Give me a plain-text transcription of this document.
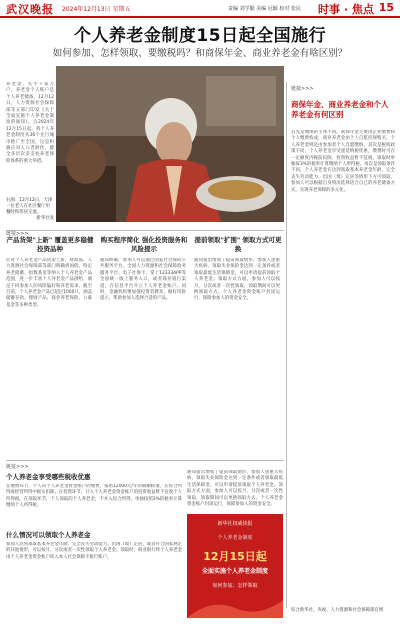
武汉晚报 2024年12月13日 星期五	责编 刘学勤 美编 冠颖 校对 张民 时事 · 焦点 15
个人养老金制度15日起全国施行
如何参加、怎样领取、要缴税吗？和商保年金、商业养老金有啥区别？
养老金，关乎千家万户，养老金个人账户是个人养老储备。12月12日，人力资源社会保障部等五部门印发《关于全面实施个人养老金制度的通知》，自2024年12月15日起，将个人养老金制度从36个先行城市推广至全国，这是积极应对人口老龄化，健全多层次多支柱养老保险体系的重大举措。
右图：12月12日，天津一位老人在社区餐厅用餐时和邻居交流。
新华社发
链接>>>
商保年金、商业养老金和个人养老金有何区别
首先是缴纳的主体不同。商保年金主要由企业缴费和个人缴费构成，商业养老金由个人自愿投保购买，个人养老金则是由参加者个人自愿缴纳。其次是税收政策不同，个人养老金享受递延纳税优惠，缴费时可在一定额度内税前扣除，投资收益暂不征税，领取时单独按3%的税率计算缴纳个人所得税。再次是领取条件不同，个人养老金在达到领取基本养老金年龄、完全丧失劳动能力、出国（境）定居等情形下方可领取。参加人可以根据自身情况选择适合自己的养老储备方式，实现养老保障的多元化。
链接>>>
产品货架"上新" 覆盖更多稳健投资品种
购买程序简化 强化投资服务和风险提示
提前领取"扩围" 领取方式可更换
针对个人养老金产品货架上新，财政部、人力资源社会保障部等部门明确将国债、特定养老储蓄、指数基金等纳入个人养老金产品范围，进一步丰富个人养老金产品供给，满足不同参加人的风险偏好和养老需求。截至目前，个人养老金产品已超过1000只，涵盖储蓄存款、理财产品、商业养老保险、公募基金等多种类型。
通知明确，参加人可以通过国家社会保险公共服务平台、全国人力资源和社会保障政务服务平台、电子社保卡、掌上12333APP等全国统一线上服务入口，或者商业银行渠道，在信息平台开立个人养老金账户。同时，金融机构要加强投资者教育，做好风险提示，帮助参加人选择合适的产品。
通知提出增加了提前领取情形，参加人患重大疾病、领取失业保险金达到一定条件或者领取最低生活保障金，可以申请提前领取个人养老金。领取方式方面，参加人可以按月、分次或者一次性领取，领取期间可以更换领取方式。个人养老金资金账户封闭运行，保障参加人的资金安全。
链接>>>
个人养老金享受哪些税收优惠
在缴费环节，个人向个人养老金资金账户的缴费，按照12000元/年的限额标准，在综合所得或经营所得中据实扣除。在投资环节，计入个人养老金资金账户的投资收益暂不征收个人所得税。在领取环节，个人领取的个人养老金，不并入综合所得，单独按照3%的税率计算缴纳个人所得税。
什么情况可以领取个人养老金
参加人达到领取基本养老金年龄、完全丧失劳动能力、出国（境）定居，或者符合国家规定的其他情形，可以按月、分次或者一次性领取个人养老金。领取时，商业银行将个人养老金由个人养老金资金账户转入本人社会保障卡银行账户。
通知提出增加了提前领取情形，参加人患重大疾病、领取失业保险金达到一定条件或者领取最低生活保障金，可以申请提前领取个人养老金。领取方式方面，参加人可以按月、分次或者一次性领取，领取期间可以更换领取方式。个人养老金资金账户封闭运行，保障参加人的资金安全。
新华社权威快报
个人养老金制度
12月15日起
全面实施个人养老金制度
如何参加、怎样领取
综合新华社、央视、人力资源和社会保障部官网
